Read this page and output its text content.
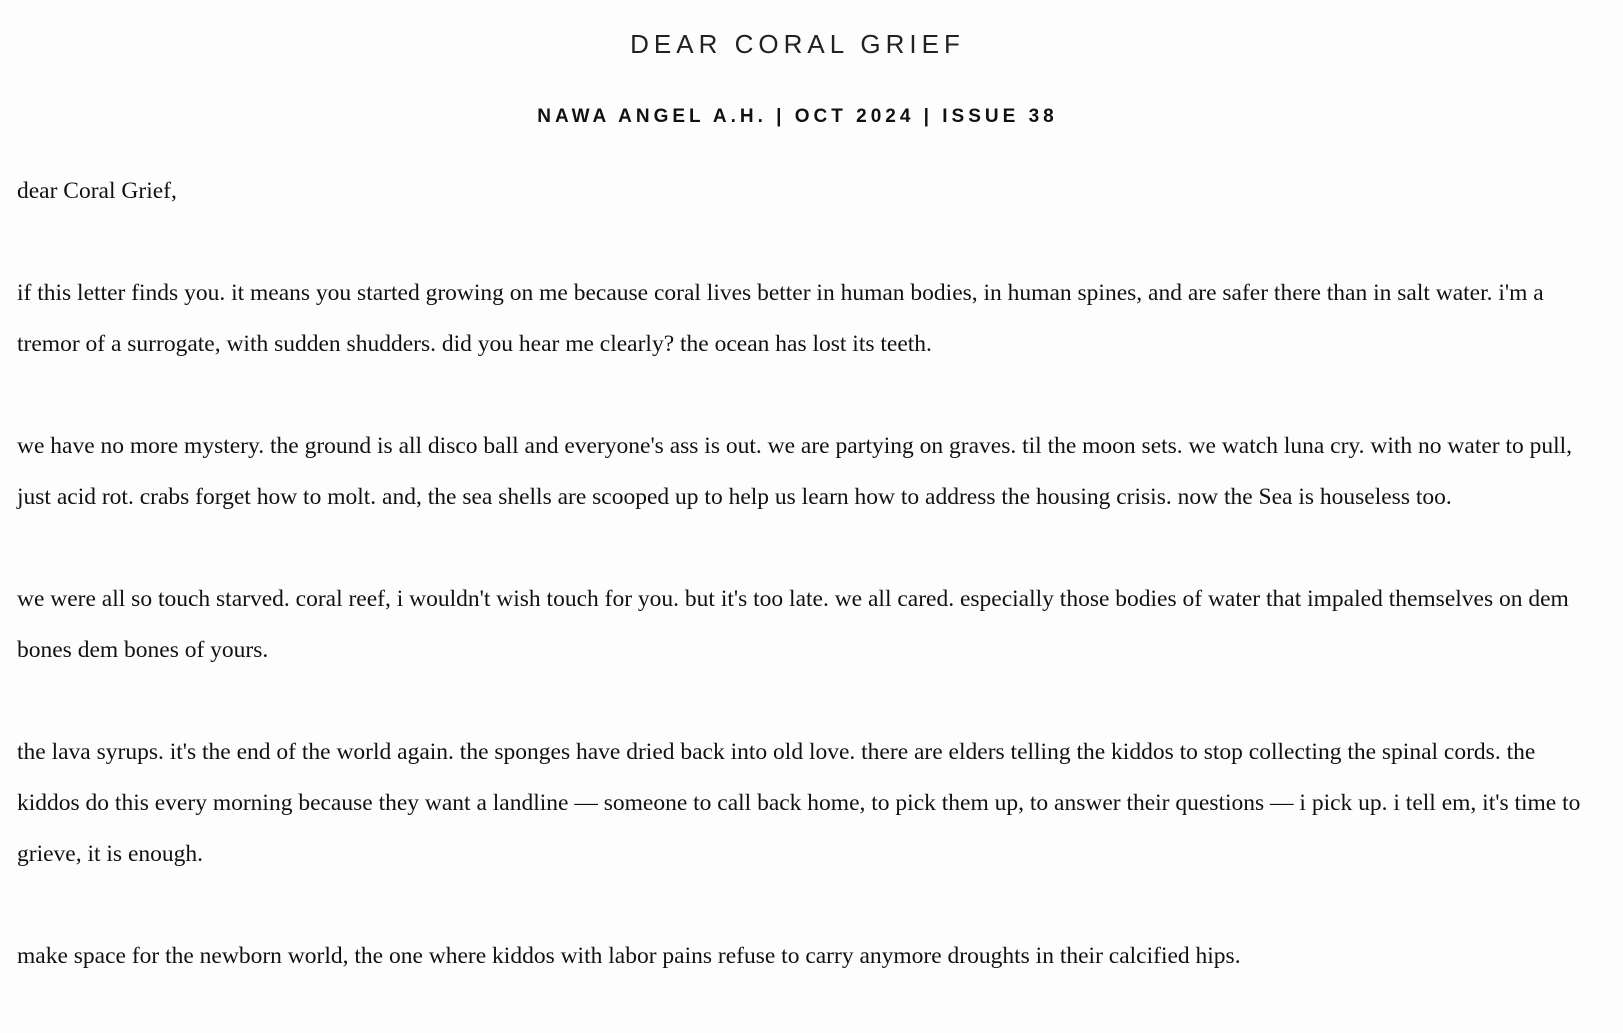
DEAR CORAL GRIEF
NAWA ANGEL A.H. | OCT 2024 | ISSUE 38

dear Coral Grief,

if this letter finds you. it means you started growing on me because coral lives better in human bodies, in human spines, and are safer there than in salt water. i'm a tremor of a surrogate, with sudden shudders. did you hear me clearly? the ocean has lost its teeth.

we have no more mystery. the ground is all disco ball and everyone's ass is out. we are partying on graves. til the moon sets. we watch luna cry. with no water to pull, just acid rot. crabs forget how to molt. and, the sea shells are scooped up to help us learn how to address the housing crisis. now the Sea is houseless too.

we were all so touch starved. coral reef, i wouldn't wish touch for you. but it's too late. we all cared. especially those bodies of water that impaled themselves on dem bones dem bones of yours.

the lava syrups. it's the end of the world again. the sponges have dried back into old love. there are elders telling the kiddos to stop collecting the spinal cords. the kiddos do this every morning because they want a landline — someone to call back home, to pick them up, to answer their questions — i pick up. i tell em, it's time to grieve, it is enough.

make space for the newborn world, the one where kiddos with labor pains refuse to carry anymore droughts in their calcified hips.
